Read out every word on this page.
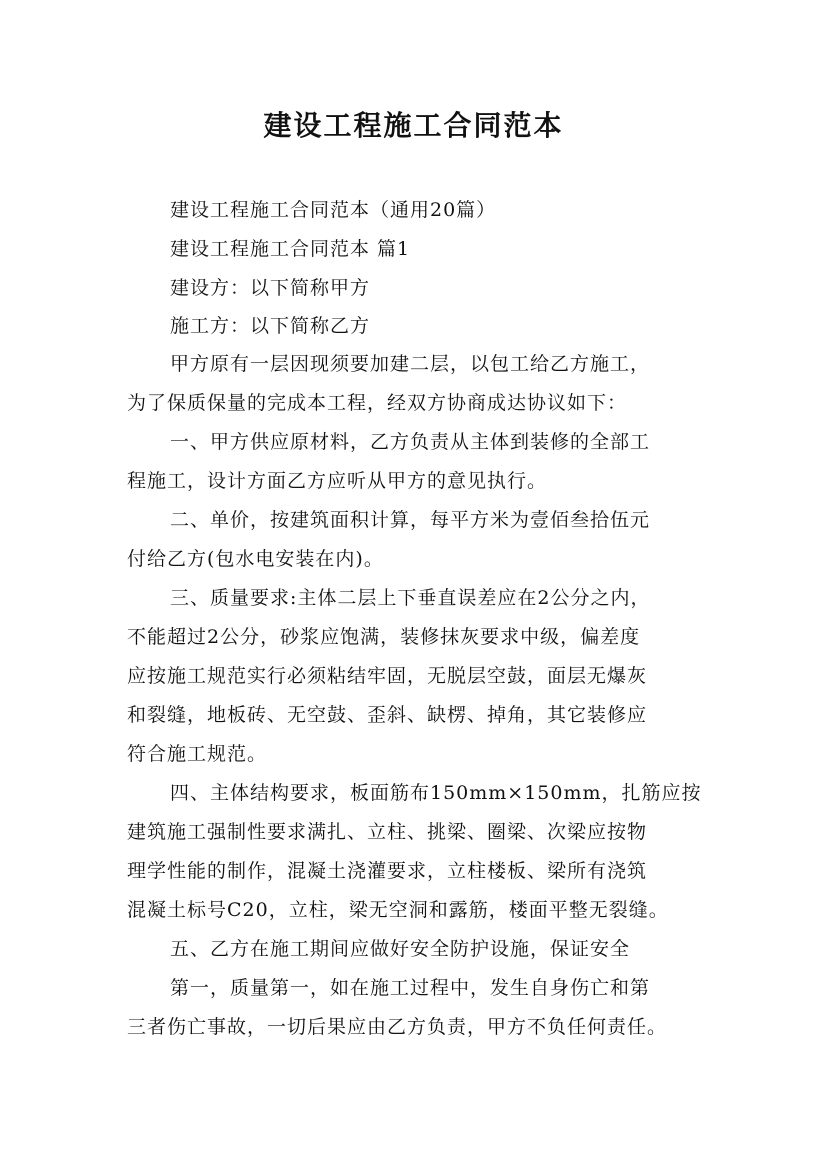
建设工程施工合同范本

建设工程施工合同范本（通用20篇）

建设工程施工合同范本 篇1

建设方：以下简称甲方

施工方：以下简称乙方

甲方原有一层因现须要加建二层，以包工给乙方施工，

为了保质保量的完成本工程，经双方协商成达协议如下：

一、甲方供应原材料，乙方负责从主体到装修的全部工

程施工，设计方面乙方应听从甲方的意见执行。

二、单价，按建筑面积计算，每平方米为壹佰叁拾伍元

付给乙方(包水电安装在内)。

三、质量要求:主体二层上下垂直误差应在2公分之内，

不能超过2公分，砂浆应饱满，装修抹灰要求中级，偏差度

应按施工规范实行必须粘结牢固，无脱层空鼓，面层无爆灰

和裂缝，地板砖、无空鼓、歪斜、缺楞、掉角，其它装修应

符合施工规范。

四、主体结构要求，板面筋布150mm×150mm，扎筋应按

建筑施工强制性要求满扎、立柱、挑梁、圈梁、次梁应按物

理学性能的制作，混凝土浇灌要求，立柱楼板、梁所有浇筑

混凝土标号C20，立柱，梁无空洞和露筋，楼面平整无裂缝。

五、乙方在施工期间应做好安全防护设施，保证安全

第一，质量第一，如在施工过程中，发生自身伤亡和第

三者伤亡事故，一切后果应由乙方负责，甲方不负任何责任。
